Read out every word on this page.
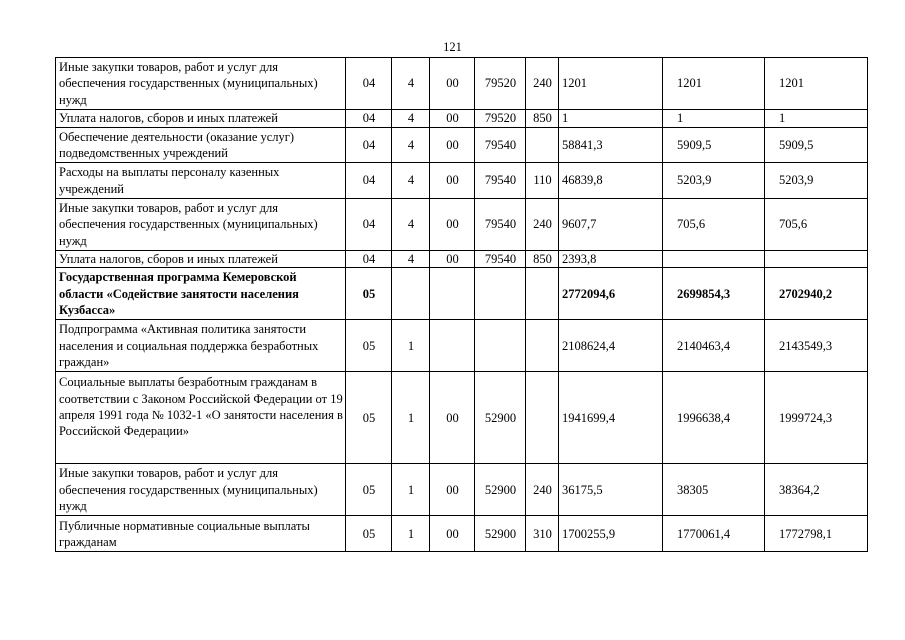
121
Иные закупки товаров, работ и услуг для обеспечения государственных (муниципальных) нужд	04	4	00	79520	240	1201	1201	1201
Уплата налогов, сборов и иных платежей	04	4	00	79520	850	1	1	1
Обеспечение деятельности (оказание услуг) подведомственных учреждений	04	4	00	79540		58841,3	5909,5	5909,5
Расходы на выплаты персоналу казенных учреждений	04	4	00	79540	110	46839,8	5203,9	5203,9
Иные закупки товаров, работ и услуг для обеспечения государственных (муниципальных) нужд	04	4	00	79540	240	9607,7	705,6	705,6
Уплата налогов, сборов и иных платежей	04	4	00	79540	850	2393,8		
Государственная программа Кемеровской области «Содействие занятости населения Кузбасса»	05					2772094,6	2699854,3	2702940,2
Подпрограмма «Активная политика занятости населения и социальная поддержка безработных граждан»	05	1				2108624,4	2140463,4	2143549,3
Социальные выплаты безработным гражданам в соответствии с Законом Российской Федерации от 19 апреля 1991 года № 1032-1 «О занятости населения в Российской Федерации»	05	1	00	52900		1941699,4	1996638,4	1999724,3
Иные закупки товаров, работ и услуг для обеспечения государственных (муниципальных) нужд	05	1	00	52900	240	36175,5	38305	38364,2
Публичные нормативные социальные выплаты гражданам	05	1	00	52900	310	1700255,9	1770061,4	1772798,1
